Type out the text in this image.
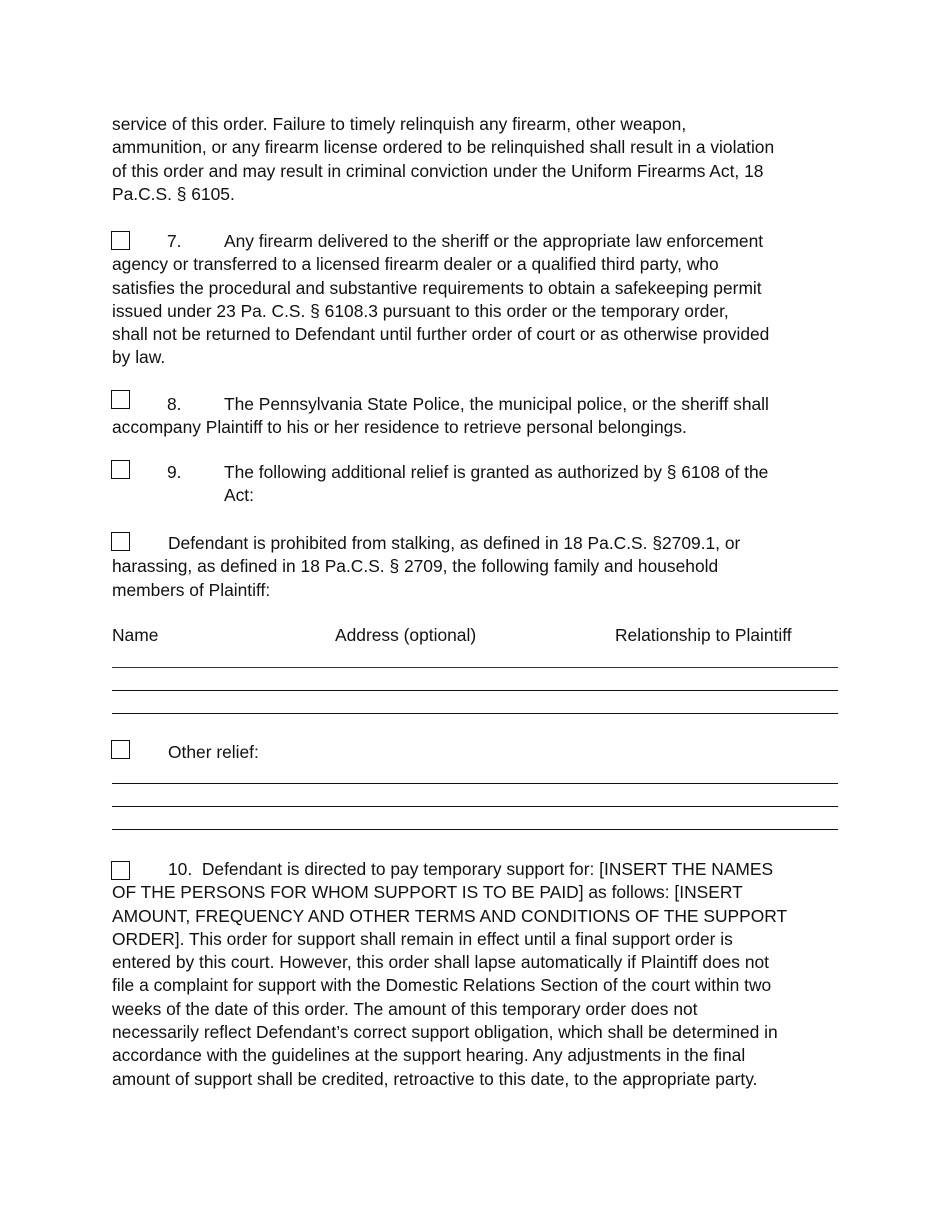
service of this order. Failure to timely relinquish any firearm, other weapon,
ammunition, or any firearm license ordered to be relinquished shall result in a violation
of this order and may result in criminal conviction under the Uniform Firearms Act, 18
Pa.C.S. § 6105.
7. Any firearm delivered to the sheriff or the appropriate law enforcement
agency or transferred to a licensed firearm dealer or a qualified third party, who
satisfies the procedural and substantive requirements to obtain a safekeeping permit
issued under 23 Pa. C.S. § 6108.3 pursuant to this order or the temporary order,
shall not be returned to Defendant until further order of court or as otherwise provided
by law.
8. The Pennsylvania State Police, the municipal police, or the sheriff shall
accompany Plaintiff to his or her residence to retrieve personal belongings.
9. The following additional relief is granted as authorized by § 6108 of the
Act:
Defendant is prohibited from stalking, as defined in 18 Pa.C.S. §2709.1, or
harassing, as defined in 18 Pa.C.S. § 2709, the following family and household
members of Plaintiff:
Name	Address (optional)	Relationship to Plaintiff
Other relief:
10. Defendant is directed to pay temporary support for: [INSERT THE NAMES
OF THE PERSONS FOR WHOM SUPPORT IS TO BE PAID] as follows: [INSERT
AMOUNT, FREQUENCY AND OTHER TERMS AND CONDITIONS OF THE SUPPORT
ORDER]. This order for support shall remain in effect until a final support order is
entered by this court. However, this order shall lapse automatically if Plaintiff does not
file a complaint for support with the Domestic Relations Section of the court within two
weeks of the date of this order. The amount of this temporary order does not
necessarily reflect Defendant’s correct support obligation, which shall be determined in
accordance with the guidelines at the support hearing. Any adjustments in the final
amount of support shall be credited, retroactive to this date, to the appropriate party.
